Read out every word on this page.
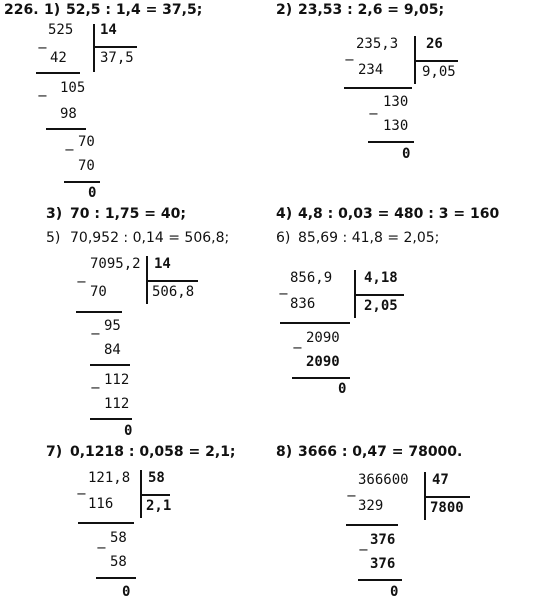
226. 1) 52,5 : 1,4 = 37,5;	2) 23,53 : 2,6 = 9,05;
525 14
37,5
−
42
−
105
98
−
70
70
0
235,3 26
9,05
−
234
−
130
130
0
3) 70 : 1,75 = 40;	4) 4,8 : 0,03 = 480 : 3 = 160
5) 70,952 : 0,14 = 506,8;	6) 85,69 : 41,8 = 2,05;
7095,2 14
506,8
−
70
−
95
84
−
112
112
0
856,9 4,18
2,05
−
836
−
2090
2090
0
7) 0,1218 : 0,058 = 2,1;	8) 3666 : 0,47 = 78000.
121,8 58
2,1
−
116
−
58
58
0
366600 47
7800
−
329
−
376
376
0
